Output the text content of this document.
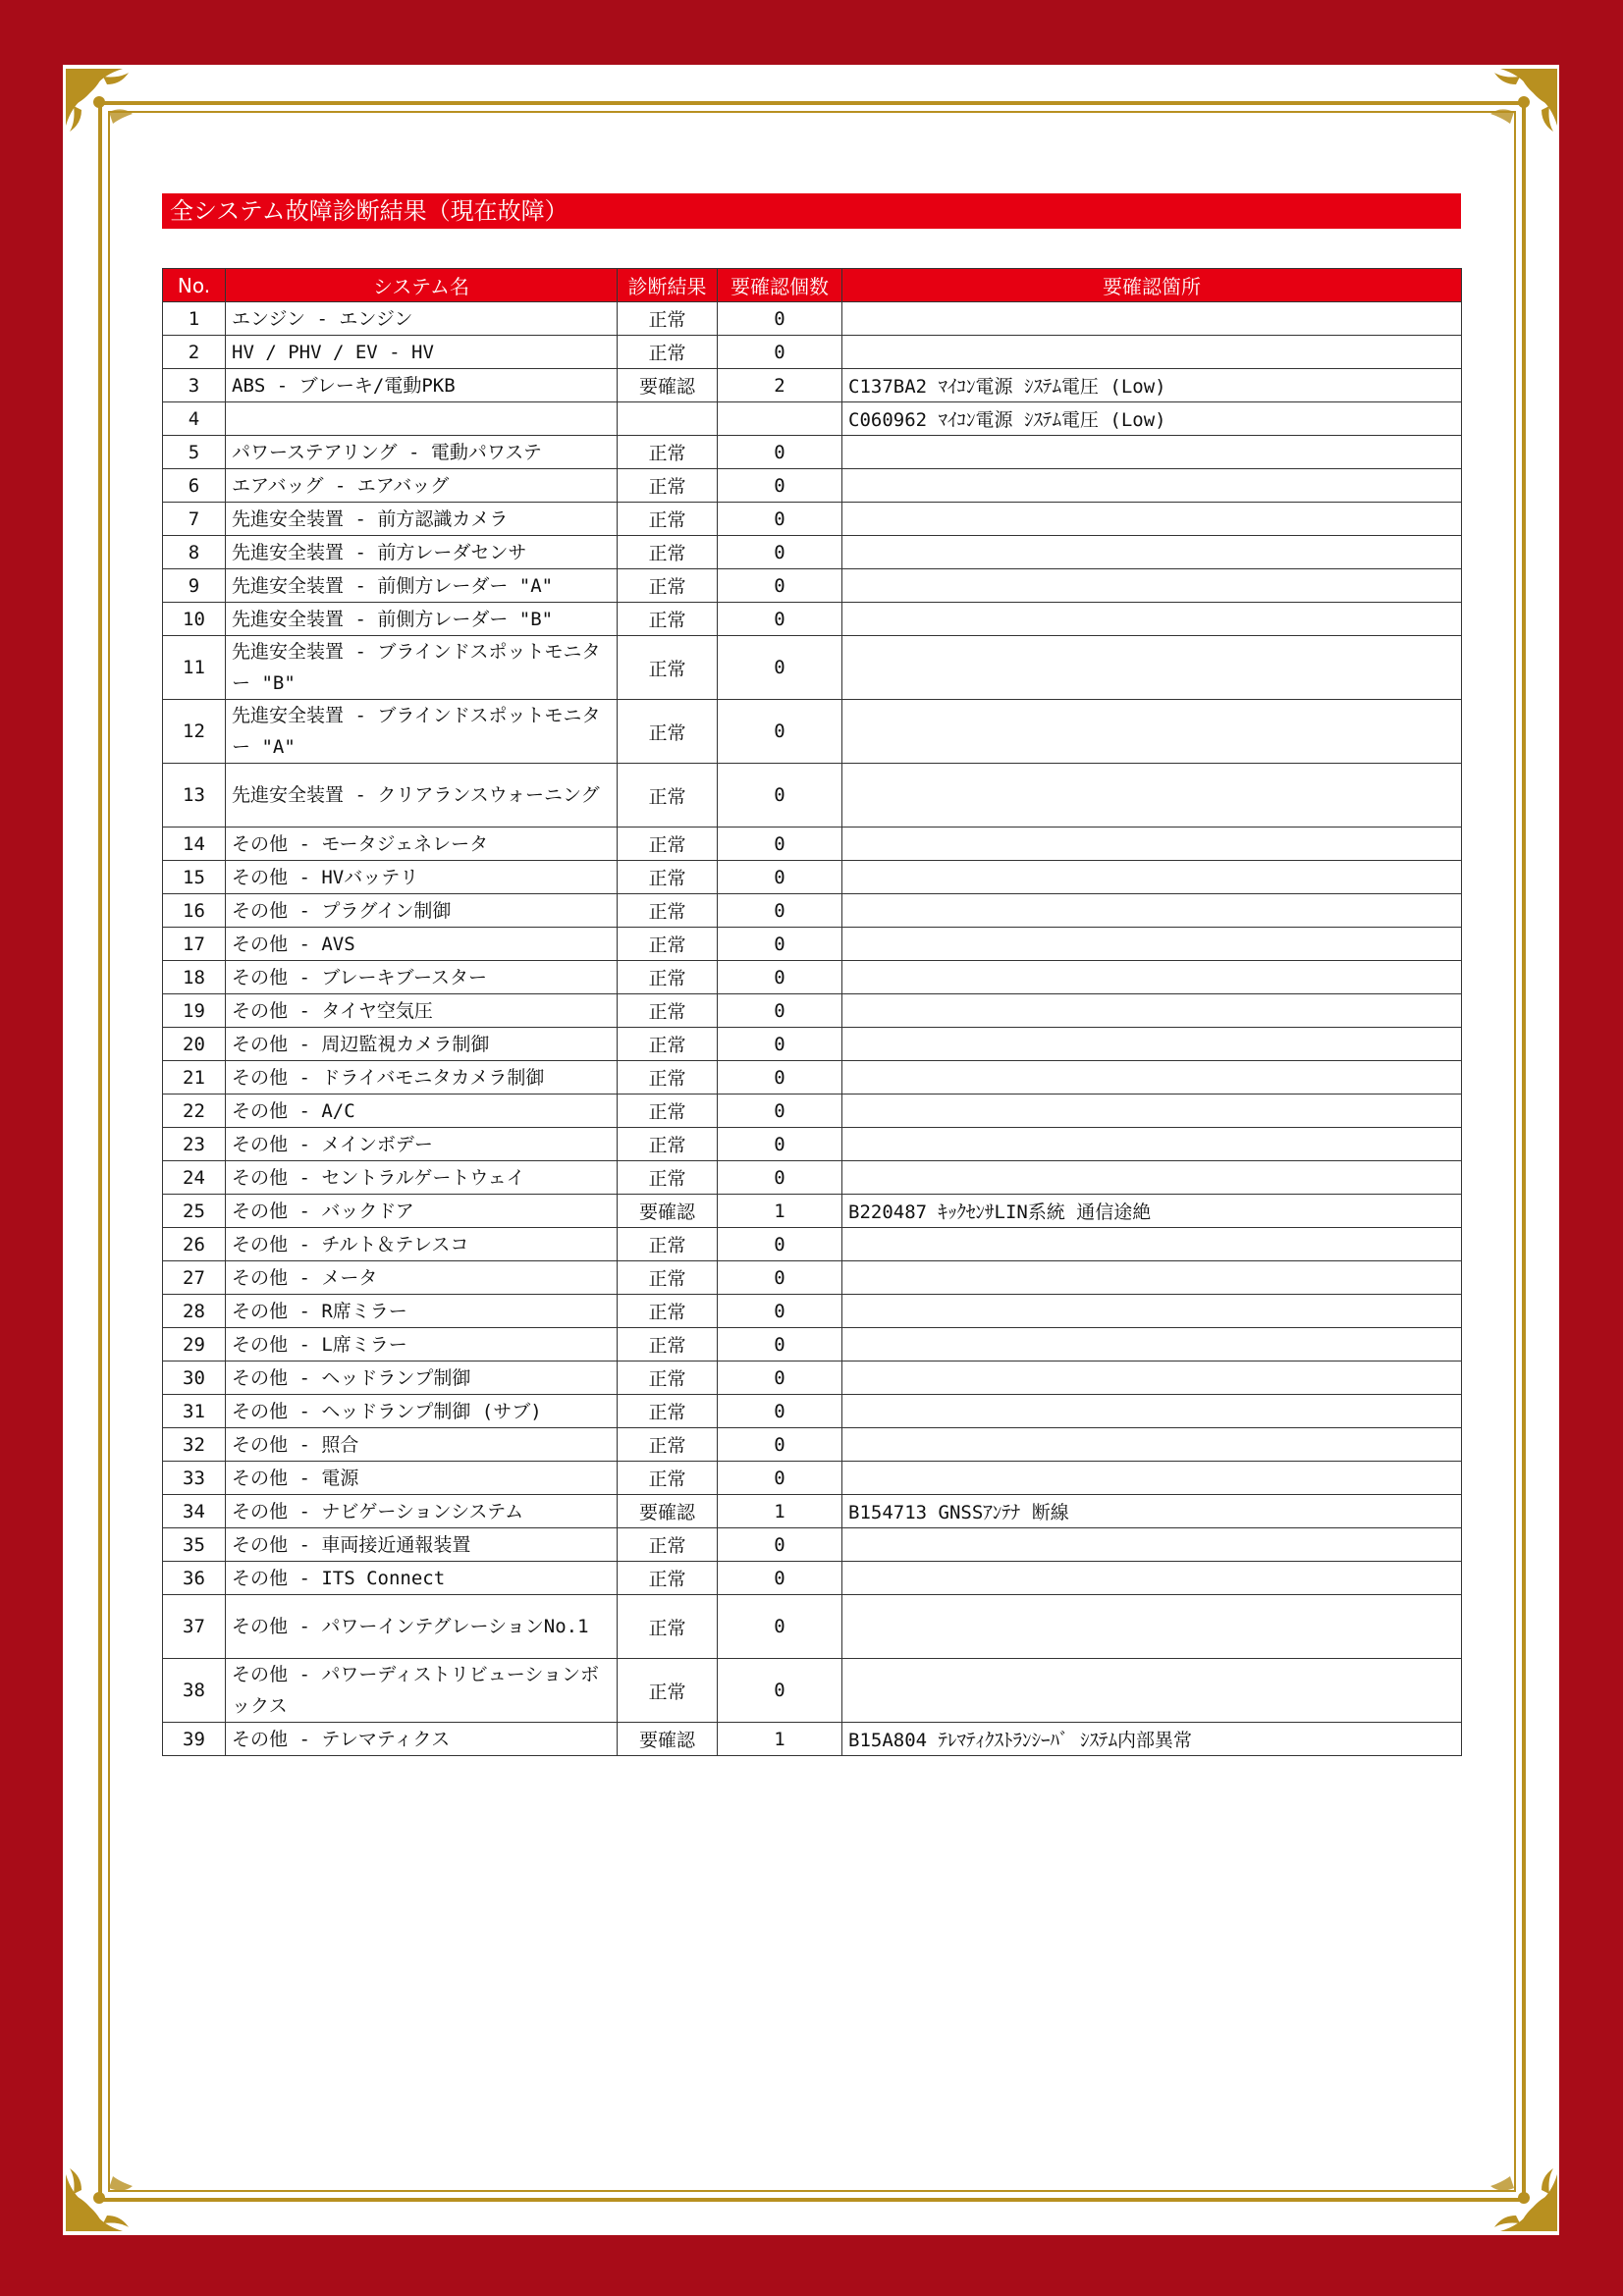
全システム故障診断結果（現在故障）
No.	システム名	診断結果	要確認個数	要確認箇所
1	エンジン - エンジン	正常	0	
2	HV / PHV / EV - HV	正常	0	
3	ABS - ブレーキ/電動PKB	要確認	2	C137BA2 ﾏｲｺﾝ電源 ｼｽﾃﾑ電圧 (Low)
4				C060962 ﾏｲｺﾝ電源 ｼｽﾃﾑ電圧 (Low)
5	パワーステアリング - 電動パワステ	正常	0	
6	エアバッグ - エアバッグ	正常	0	
7	先進安全装置 - 前方認識カメラ	正常	0	
8	先進安全装置 - 前方レーダセンサ	正常	0	
9	先進安全装置 - 前側方レーダー "A"	正常	0	
10	先進安全装置 - 前側方レーダー "B"	正常	0	
11	先進安全装置 - ブラインドスポットモニター "B"	正常	0	
12	先進安全装置 - ブラインドスポットモニター "A"	正常	0	
13	先進安全装置 - クリアランスウォーニング	正常	0	
14	その他 - モータジェネレータ	正常	0	
15	その他 - HVバッテリ	正常	0	
16	その他 - プラグイン制御	正常	0	
17	その他 - AVS	正常	0	
18	その他 - ブレーキブースター	正常	0	
19	その他 - タイヤ空気圧	正常	0	
20	その他 - 周辺監視カメラ制御	正常	0	
21	その他 - ドライバモニタカメラ制御	正常	0	
22	その他 - A/C	正常	0	
23	その他 - メインボデー	正常	0	
24	その他 - セントラルゲートウェイ	正常	0	
25	その他 - バックドア	要確認	1	B220487 ｷｯｸｾﾝｻLIN系統 通信途絶
26	その他 - チルト＆テレスコ	正常	0	
27	その他 - メータ	正常	0	
28	その他 - R席ミラー	正常	0	
29	その他 - L席ミラー	正常	0	
30	その他 - ヘッドランプ制御	正常	0	
31	その他 - ヘッドランプ制御 (サブ)	正常	0	
32	その他 - 照合	正常	0	
33	その他 - 電源	正常	0	
34	その他 - ナビゲーションシステム	要確認	1	B154713 GNSSｱﾝﾃﾅ 断線
35	その他 - 車両接近通報装置	正常	0	
36	その他 - ITS Connect	正常	0	
37	その他 - パワーインテグレーションNo.1	正常	0	
38	その他 - パワーディストリビューションボックス	正常	0	
39	その他 - テレマティクス	要確認	1	B15A804 ﾃﾚﾏﾃｨｸｽﾄﾗﾝｼｰﾊﾞ ｼｽﾃﾑ内部異常
